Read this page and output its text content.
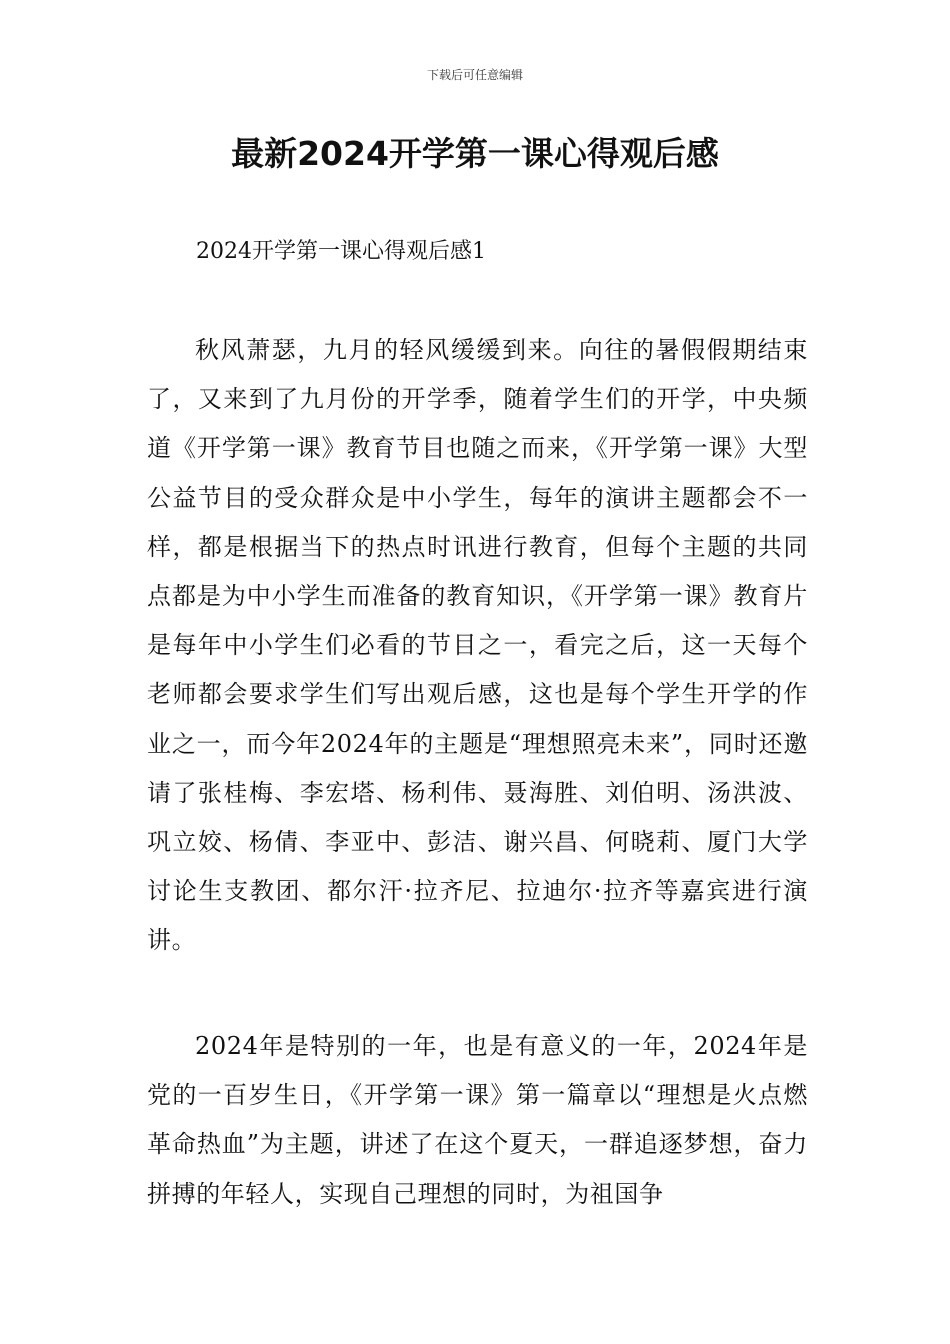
下载后可任意编辑
最新2024开学第一课心得观后感
2024开学第一课心得观后感1

秋风萧瑟，九月的轻风缓缓到来。向往的暑假假期结束了，又来到了九月份的开学季，随着学生们的开学，中央频道《开学第一课》教育节目也随之而来，《开学第一课》大型公益节目的受众群众是中小学生，每年的演讲主题都会不一样，都是根据当下的热点时讯进行教育，但每个主题的共同点都是为中小学生而准备的教育知识，《开学第一课》教育片是每年中小学生们必看的节目之一，看完之后，这一天每个老师都会要求学生们写出观后感，这也是每个学生开学的作业之一，而今年2024年的主题是“理想照亮未来”，同时还邀请了张桂梅、李宏塔、杨利伟、聂海胜、刘伯明、汤洪波、巩立姣、杨倩、李亚中、彭洁、谢兴昌、何晓莉、厦门大学讨论生支教团、都尔汗·拉齐尼、拉迪尔·拉齐等嘉宾进行演讲。

2024年是特别的一年，也是有意义的一年，2024年是党的一百岁生日，《开学第一课》第一篇章以“理想是火点燃革命热血”为主题，讲述了在这个夏天，一群追逐梦想，奋力拼搏的年轻人，实现自己理想的同时，为祖国争
